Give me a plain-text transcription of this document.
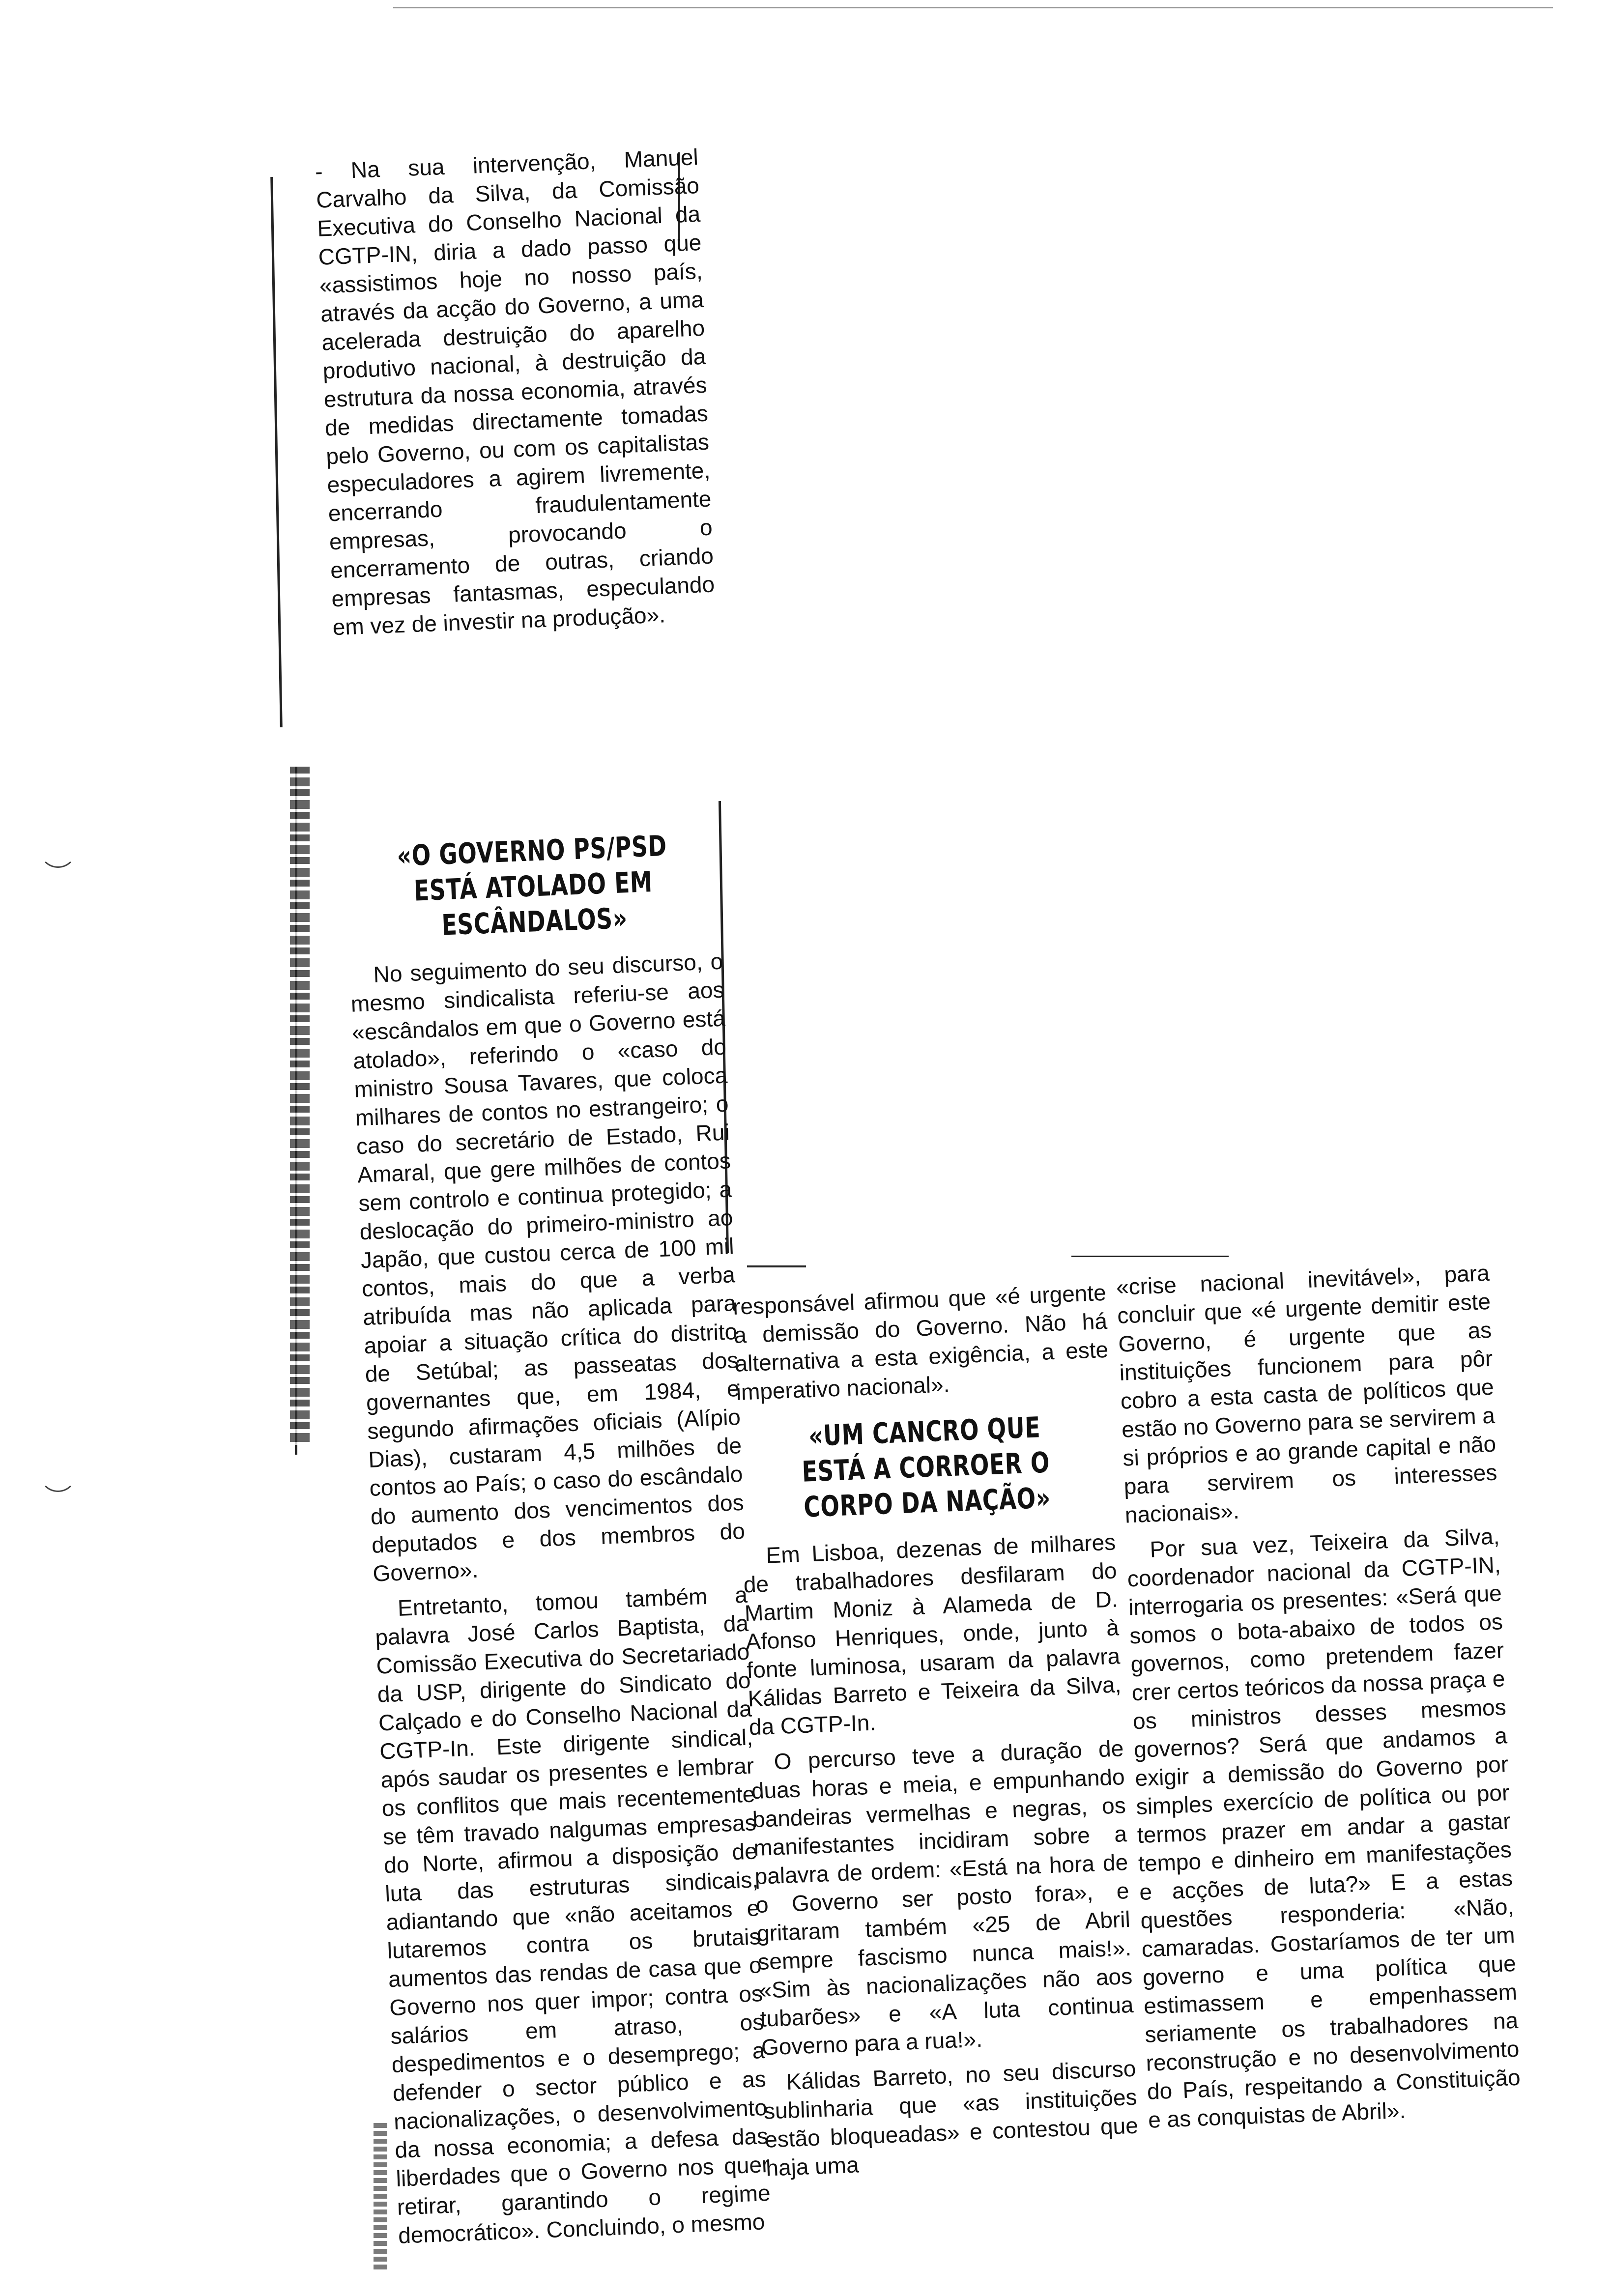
- Na sua intervenção, Manuel Carvalho da Silva, da Comissão Executiva do Conselho Nacional da CGTP-IN, diria a dado passo que «assistimos hoje no nosso país, através da acção do Governo, a uma acelerada destruição do aparelho produtivo nacional, à destruição da estrutura da nossa economia, através de medidas directamente tomadas pelo Governo, ou com os capitalistas especuladores a agirem livremente, encerrando fraudulentamente empresas, provocando o encerramento de outras, criando empresas fantasmas, especulando em vez de investir na produção».

«O GOVERNO PS/PSD ESTÁ ATOLADO EM ESCÂNDALOS»

No seguimento do seu discurso, o mesmo sindicalista referiu-se aos «escândalos em que o Governo está atolado», referindo o «caso do ministro Sousa Tavares, que coloca milhares de contos no estrangeiro; o caso do secretário de Estado, Rui Amaral, que gere milhões de contos sem controlo e continua protegido; a deslocação do primeiro-ministro ao Japão, que custou cerca de 100 mil contos, mais do que a verba atribuída mas não aplicada para apoiar a situação crítica do distrito de Setúbal; as passeatas dos governantes que, em 1984, e segundo afirmações oficiais (Alípio Dias), custaram 4,5 milhões de contos ao País; o caso do escândalo do aumento dos vencimentos dos deputados e dos membros do Governo».

Entretanto, tomou também a palavra José Carlos Baptista, da Comissão Executiva do Secretariado da USP, dirigente do Sindicato do Calçado e do Conselho Nacional da CGTP-In. Este dirigente sindical, após saudar os presentes e lembrar os conflitos que mais recentemente se têm travado nalgumas empresas do Norte, afirmou a disposição de luta das estruturas sindicais, adiantando que «não aceitamos e lutaremos contra os brutais aumentos das rendas de casa que o Governo nos quer impor; contra os salários em atraso, os despedimentos e o desemprego; a defender o sector público e as nacionalizações, o desenvolvimento da nossa economia; a defesa das liberdades que o Governo nos quer retirar, garantindo o regime democrático». Concluindo, o mesmo

responsável afirmou que «é urgente a demissão do Governo. Não há alternativa a esta exigência, a este imperativo nacional».

«UM CANCRO QUE ESTÁ A CORROER O CORPO DA NAÇÃO»

Em Lisboa, dezenas de milhares de trabalhadores desfilaram do Martim Moniz à Alameda de D. Afonso Henriques, onde, junto à fonte luminosa, usaram da palavra Kálidas Barreto e Teixeira da Silva, da CGTP-In.

O percurso teve a duração de duas horas e meia, e empunhando bandeiras vermelhas e negras, os manifestantes incidiram sobre a palavra de ordem: «Está na hora de o Governo ser posto fora», e gritaram também «25 de Abril sempre fascismo nunca mais!». «Sim às nacionalizações não aos tubarões» e «A luta continua Governo para a rua!».

Kálidas Barreto, no seu discurso sublinharia que «as instituições estão bloqueadas» e contestou que haja uma

«crise nacional inevitável», para concluir que «é urgente demitir este Governo, é urgente que as instituições funcionem para pôr cobro a esta casta de políticos que estão no Governo para se servirem a si próprios e ao grande capital e não para servirem os interesses nacionais».

Por sua vez, Teixeira da Silva, coordenador nacional da CGTP-IN, interrogaria os presentes: «Será que somos o bota-abaixo de todos os governos, como pretendem fazer crer certos teóricos da nossa praça e os ministros desses mesmos governos? Será que andamos a exigir a demissão do Governo por simples exercício de política ou por termos prazer em andar a gastar tempo e dinheiro em manifestações e acções de luta?» E a estas questões responderia: «Não, camaradas. Gostaríamos de ter um governo e uma política que estimassem e empenhassem seriamente os trabalhadores na reconstrução e no desenvolvimento do País, respeitando a Constituição e as conquistas de Abril».
